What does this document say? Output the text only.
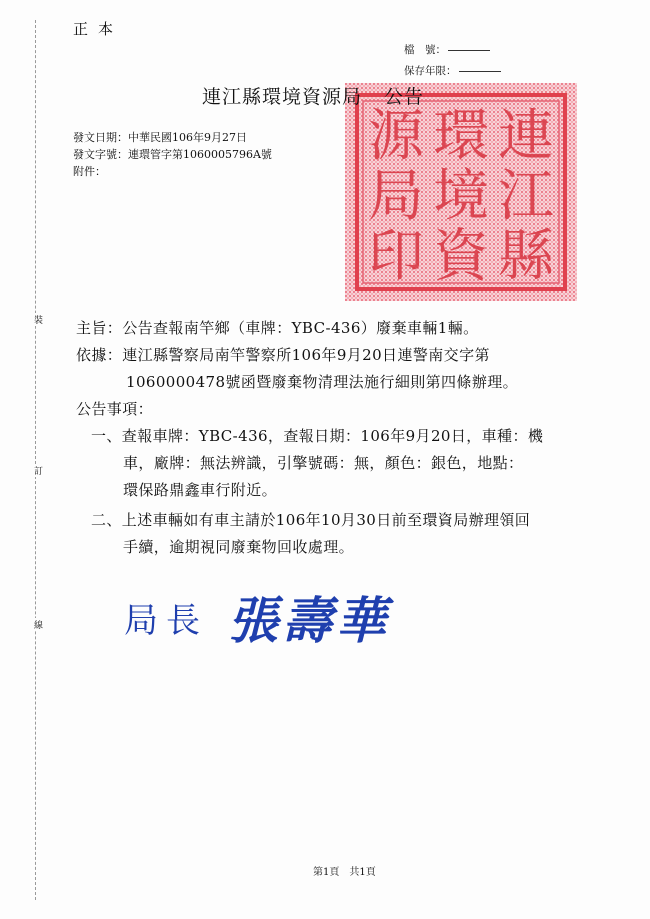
裝
訂
線
正本
檔　號：
保存年限：
連
江
縣
環
境
資
源
局
印
連江縣環境資源局 公告
發文日期：中華民國106年9月27日
發文字號：連環管字第1060005796A號
附件：
主旨：公告查報南竿鄉（車牌：YBC-436）廢棄車輛1輛。
依據：連江縣警察局南竿警察所106年9月20日連警南交字第
1060000478號函暨廢棄物清理法施行細則第四條辦理。
公告事項：
一、查報車牌：YBC-436，查報日期：106年9月20日，車種：機
車，廠牌：無法辨識，引擎號碼：無，顏色：銀色，地點：
環保路鼎鑫車行附近。
二、上述車輛如有車主請於106年10月30日前至環資局辦理領回
手續，逾期視同廢棄物回收處理。
局長 張壽華
第1頁 共1頁
